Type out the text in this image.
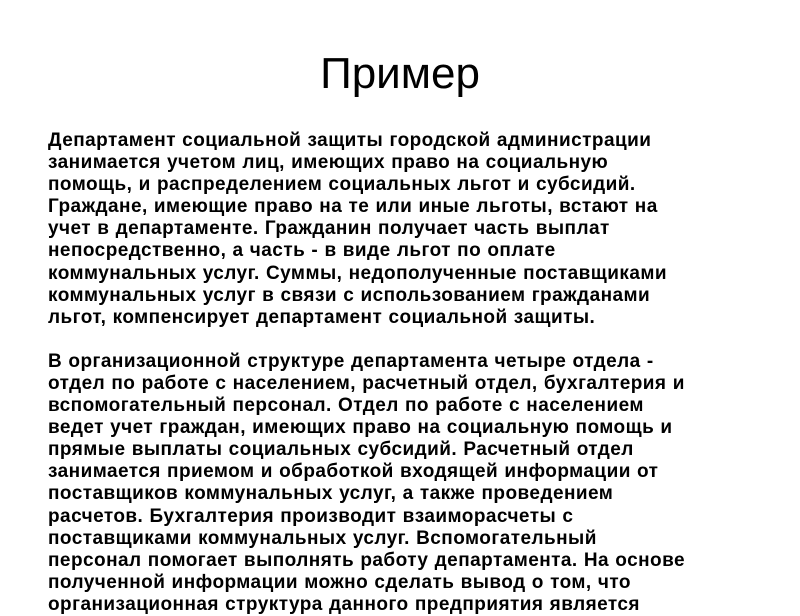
Пример

Департамент социальной защиты городской администрации
занимается учетом лиц, имеющих право на социальную
помощь, и распределением социальных льгот и субсидий.
Граждане, имеющие право на те или иные льготы, встают на
учет в департаменте. Гражданин получает часть выплат
непосредственно, а часть - в виде льгот по оплате
коммунальных услуг. Суммы, недополученные поставщиками
коммунальных услуг в связи с использованием гражданами
льгот, компенсирует департамент социальной защиты.

В организационной структуре департамента четыре отдела -
отдел по работе с населением, расчетный отдел, бухгалтерия и
вспомогательный персонал. Отдел по работе с населением
ведет учет граждан, имеющих право на социальную помощь и
прямые выплаты социальных субсидий. Расчетный отдел
занимается приемом и обработкой входящей информации от
поставщиков коммунальных услуг, а также проведением
расчетов. Бухгалтерия производит взаиморасчеты с
поставщиками коммунальных услуг. Вспомогательный
персонал помогает выполнять работу департамента. На основе
полученной информации можно сделать вывод о том, что
организационная структура данного предприятия является
